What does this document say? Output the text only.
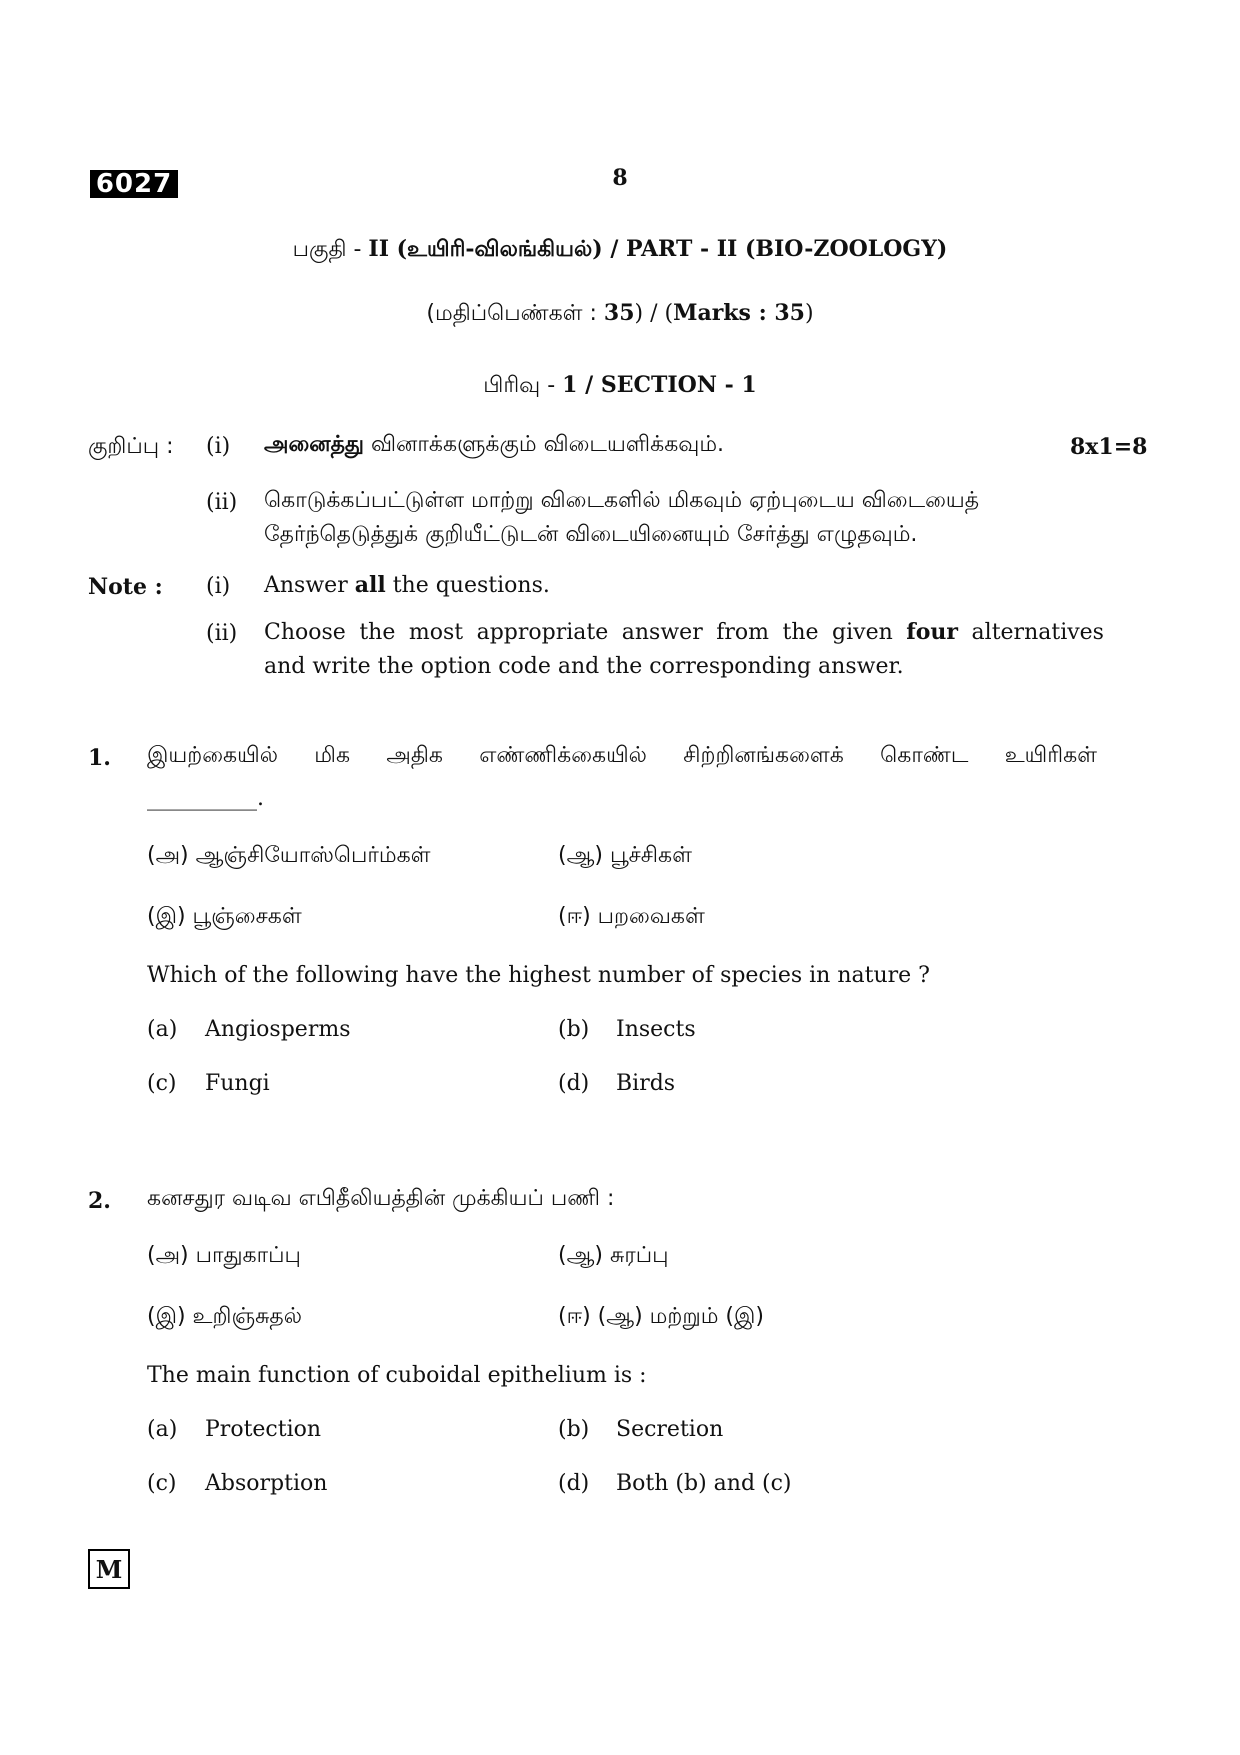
6027	8
பகுதி - II (உயிரி-விலங்கியல்) / PART - II (BIO-ZOOLOGY)
(மதிப்பெண்கள் : 35) / (Marks : 35)
பிரிவு - 1 / SECTION - 1
குறிப்பு : (i) அனைத்து வினாக்களுக்கும் விடையளிக்கவும்.	8x1=8
(ii) கொடுக்கப்பட்டுள்ள மாற்று விடைகளில் மிகவும் ஏற்புடைய விடையைத்
தேர்ந்தெடுத்துக் குறியீட்டுடன் விடையினையும் சேர்த்து எழுதவும்.
Note : (i) Answer all the questions.
(ii) Choose the most appropriate answer from the given four alternatives
and write the option code and the corresponding answer.
1. இயற்கையில் மிக அதிக எண்ணிக்கையில் சிற்றினங்களைக் கொண்ட உயிரிகள்
__________.
(அ) ஆஞ்சியோஸ்பெர்ம்கள்	(ஆ) பூச்சிகள்
(இ) பூஞ்சைகள்	(ஈ) பறவைகள்
Which of the following have the highest number of species in nature ?
(a) Angiosperms	(b) Insects
(c) Fungi	(d) Birds
2. கனசதுர வடிவ எபிதீலியத்தின் முக்கியப் பணி :
(அ) பாதுகாப்பு	(ஆ) சுரப்பு
(இ) உறிஞ்சுதல்	(ஈ) (ஆ) மற்றும் (இ)
The main function of cuboidal epithelium is :
(a) Protection	(b) Secretion
(c) Absorption	(d) Both (b) and (c)
M
